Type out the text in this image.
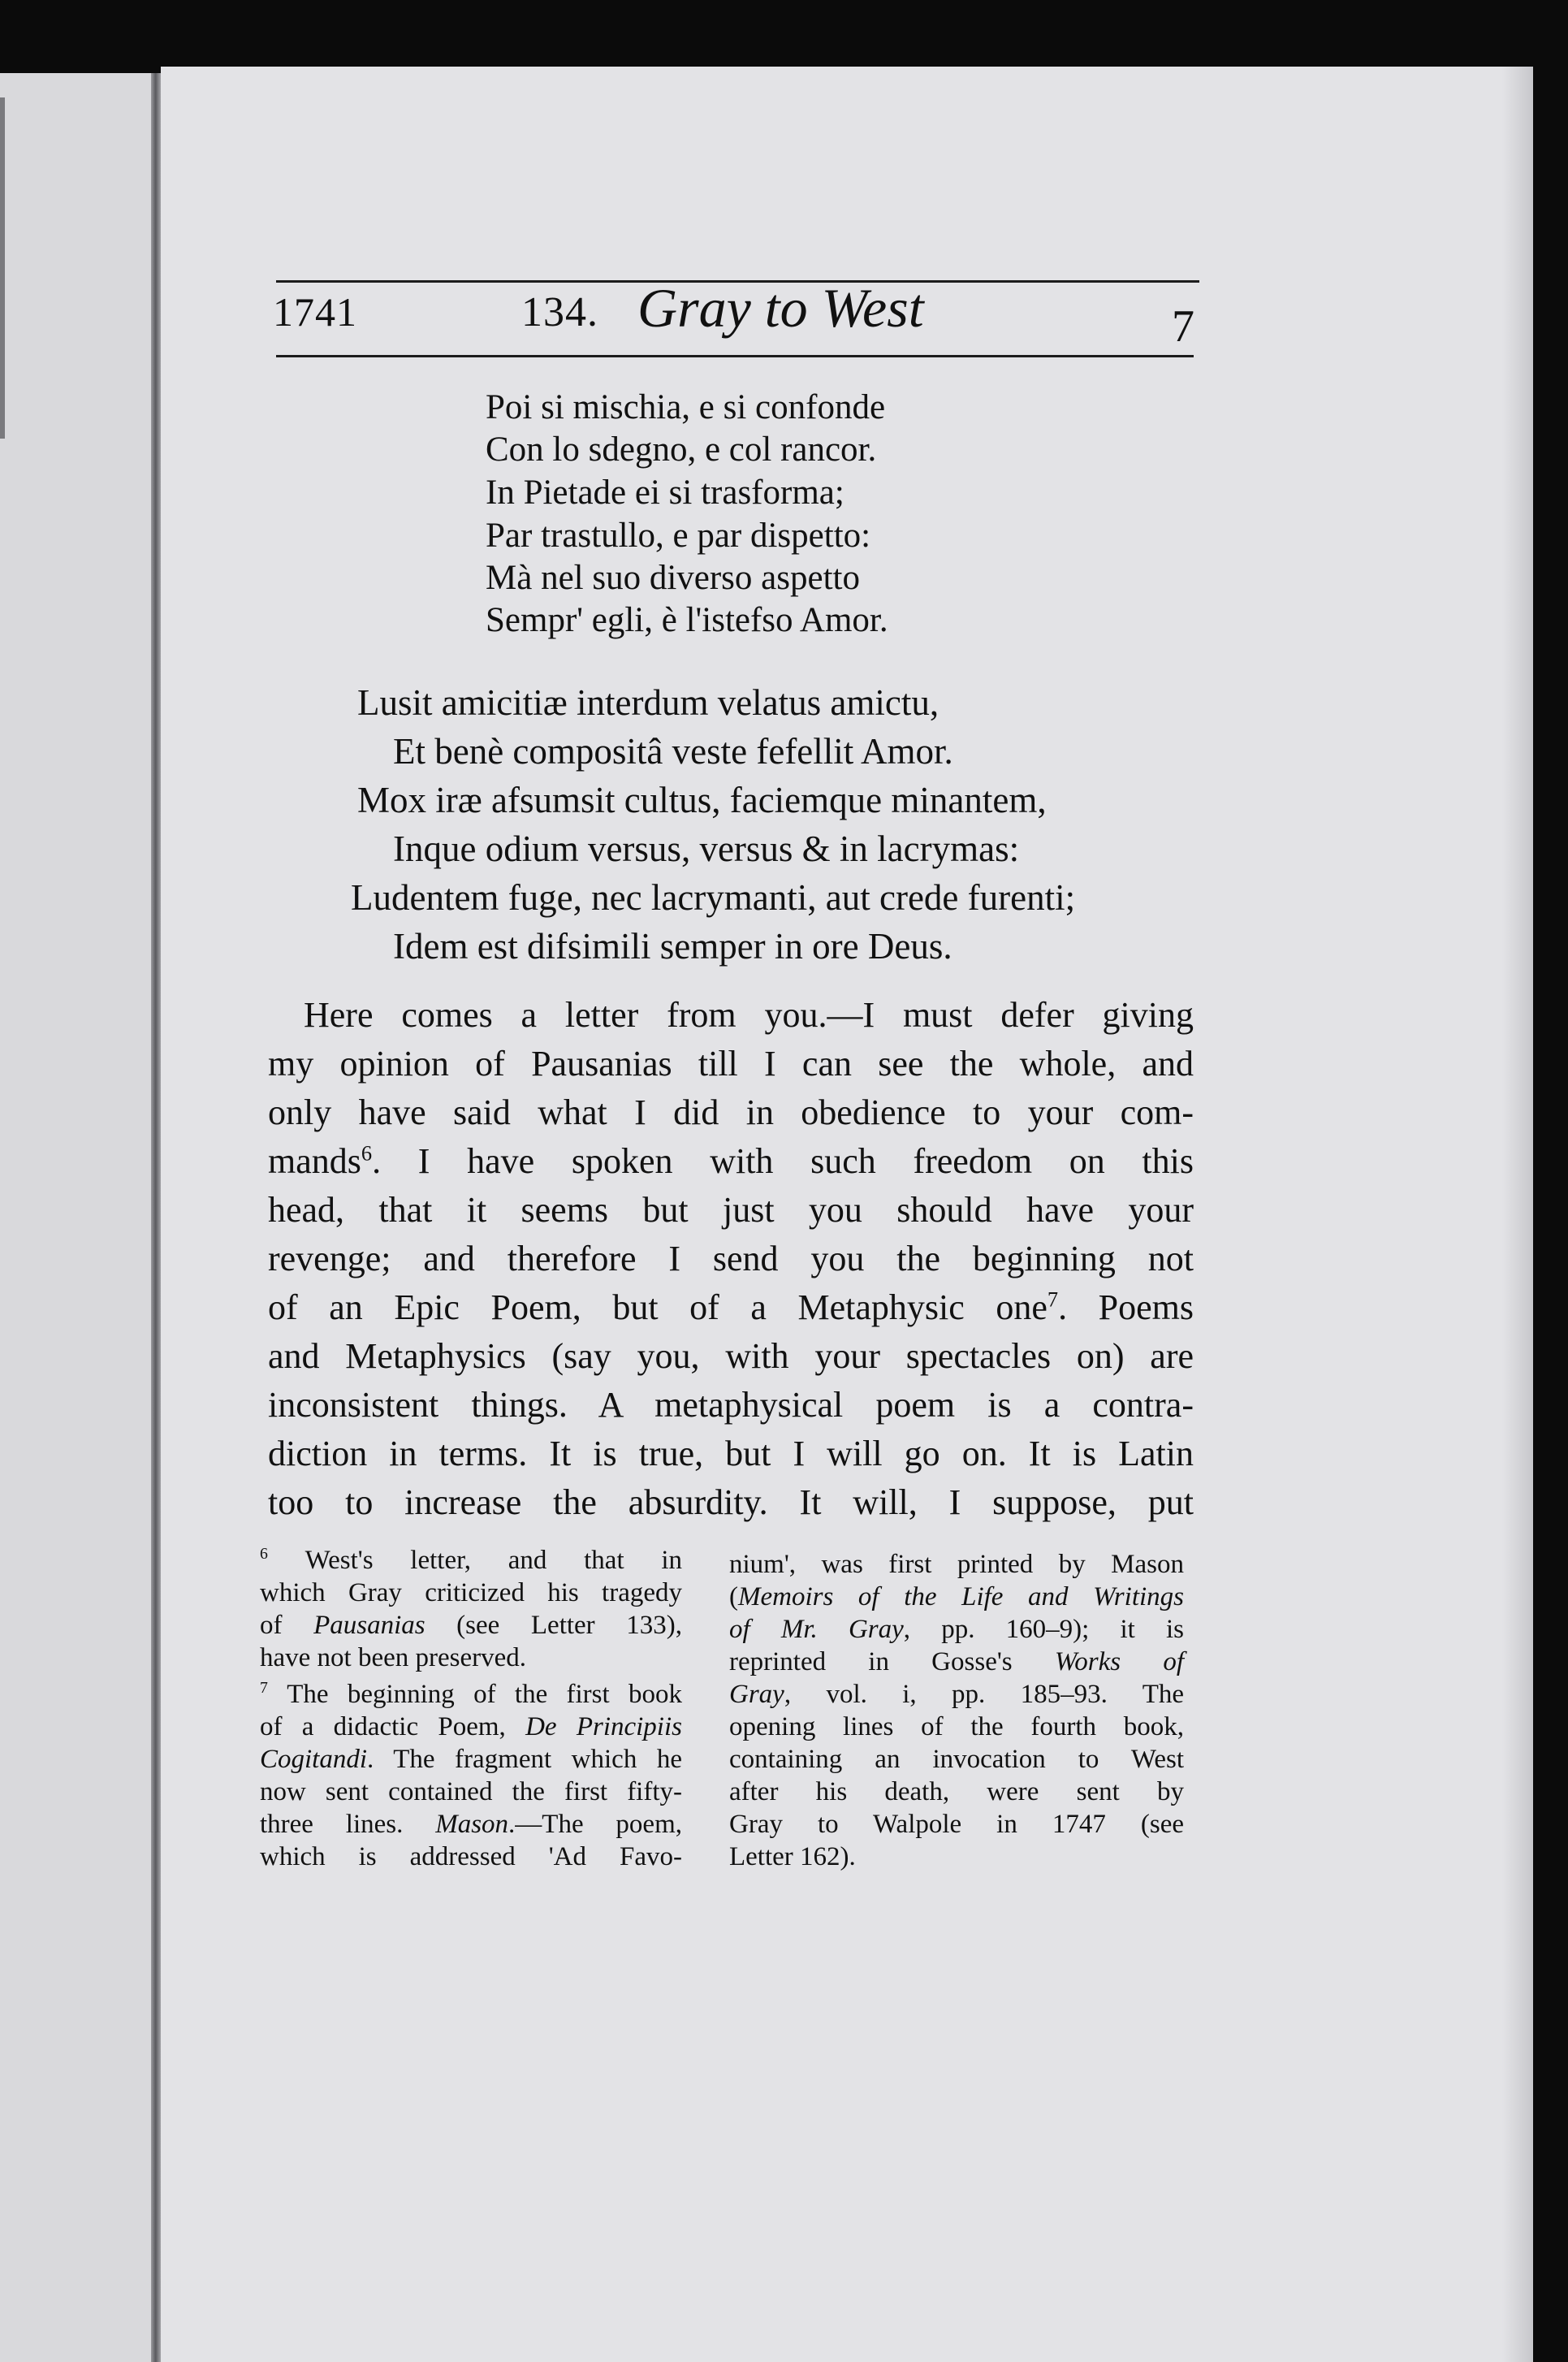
1741	134. Gray to West	7
Poi si mischia, e si confonde
Con lo sdegno, e col rancor.
In Pietade ei si trasforma;
Par trastullo, e par dispetto:
Mà nel suo diverso aspetto
Sempr' egli, è l'istefso Amor.
Lusit amicitiæ interdum velatus amictu,
Et benè compositâ veste fefellit Amor.
Mox iræ afsumsit cultus, faciemque minantem,
Inque odium versus, versus & in lacrymas:
Ludentem fuge, nec lacrymanti, aut crede furenti;
Idem est difsimili semper in ore Deus.
Here comes a letter from you.—I must defer giving
my opinion of Pausanias till I can see the whole, and
only have said what I did in obedience to your com-
mands$^6$. I have spoken with such freedom on this
head, that it seems but just you should have your
revenge; and therefore I send you the beginning not
of an Epic Poem, but of a Metaphysic one$^7$. Poems
and Metaphysics (say you, with your spectacles on) are
inconsistent things. A metaphysical poem is a contra-
diction in terms. It is true, but I will go on. It is Latin
too to increase the absurdity. It will, I suppose, put
$^6$ West's letter, and that in
which Gray criticized his tragedy
of Pausanias (see Letter 133),
have not been preserved.
$^7$ The beginning of the first book
of a didactic Poem, De Principiis
Cogitandi. The fragment which he
now sent contained the first fifty-
three lines. Mason.—The poem,
which is addressed 'Ad Favo-
nium', was first printed by Mason
(Memoirs of the Life and Writings
of Mr. Gray, pp. 160–9); it is
reprinted in Gosse's Works of
Gray, vol. i, pp. 185–93. The
opening lines of the fourth book,
containing an invocation to West
after his death, were sent by
Gray to Walpole in 1747 (see
Letter 162).
